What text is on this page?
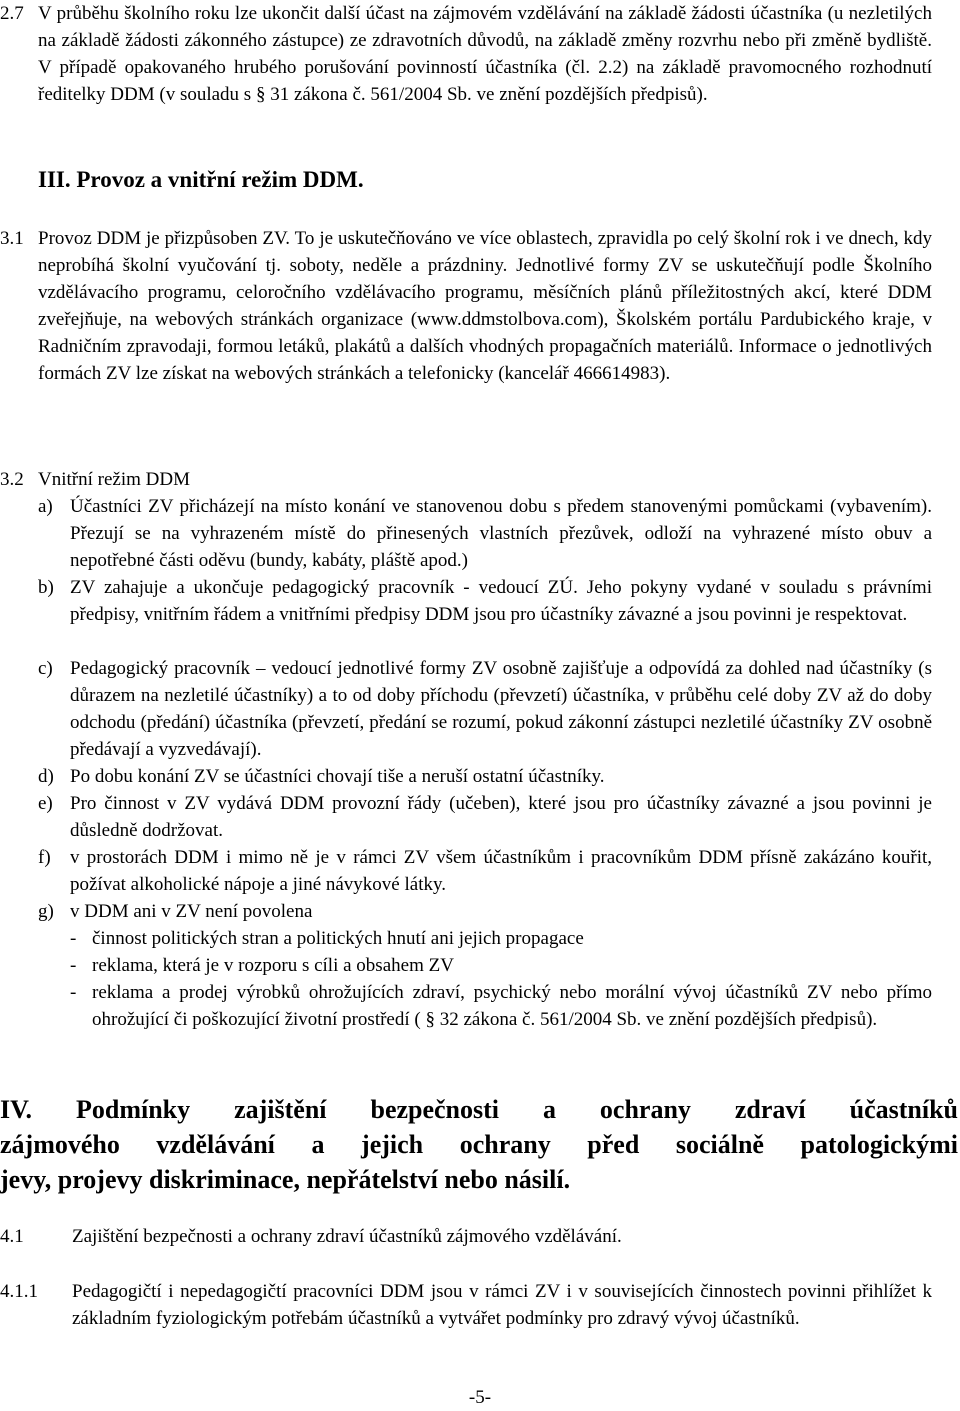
2.7 V průběhu školního roku lze ukončit další účast na zájmovém vzdělávání na základě žádosti účastníka (u nezletilých na základě žádosti zákonného zástupce) ze zdravotních důvodů, na základě změny rozvrhu nebo při změně bydliště. V případě opakovaného hrubého porušování povinností účastníka (čl. 2.2) na základě pravomocného rozhodnutí ředitelky DDM (v souladu s § 31 zákona č. 561/2004 Sb. ve znění pozdějších předpisů).
III. Provoz a vnitřní režim DDM.
3.1 Provoz DDM je přizpůsoben ZV. To je uskutečňováno ve více oblastech, zpravidla po celý školní rok i ve dnech, kdy neprobíhá školní vyučování tj. soboty, neděle a prázdniny. Jednotlivé formy ZV se uskutečňují podle Školního vzdělávacího programu, celoročního vzdělávacího programu, měsíčních plánů příležitostných akcí, které DDM zveřejňuje, na webových stránkách organizace (www.ddmstolbova.com), Školském portálu Pardubického kraje, v Radničním zpravodaji, formou letáků, plakátů a dalších vhodných propagačních materiálů. Informace o jednotlivých formách ZV lze získat na webových stránkách a telefonicky (kancelář 466614983).
3.2 Vnitřní režim DDM
a) Účastníci ZV přicházejí na místo konání ve stanovenou dobu s předem stanovenými pomůckami (vybavením). Přezují se na vyhrazeném místě do přinesených vlastních přezůvek, odloží na vyhrazené místo obuv a nepotřebné části oděvu (bundy, kabáty, pláště apod.)
b) ZV zahajuje a ukončuje pedagogický pracovník - vedoucí ZÚ. Jeho pokyny vydané v souladu s právními předpisy, vnitřním řádem a vnitřními předpisy DDM jsou pro účastníky závazné a jsou povinni je respektovat.
c) Pedagogický pracovník – vedoucí jednotlivé formy ZV osobně zajišťuje a odpovídá za dohled nad účastníky (s důrazem na nezletilé účastníky) a to od doby příchodu (převzetí) účastníka, v průběhu celé doby ZV až do doby odchodu (předání) účastníka (převzetí, předání se rozumí, pokud zákonní zástupci nezletilé účastníky ZV osobně předávají a vyzvedávají).
d) Po dobu konání ZV se účastníci chovají tiše a neruší ostatní účastníky.
e) Pro činnost v ZV vydává DDM provozní řády (učeben), které jsou pro účastníky závazné a jsou povinni je důsledně dodržovat.
f) v prostorách DDM i mimo ně je v rámci ZV všem účastníkům i pracovníkům DDM přísně zakázáno kouřit, požívat alkoholické nápoje a jiné návykové látky.
g) v DDM ani v ZV není povolena
- činnost politických stran a politických hnutí ani jejich propagace
- reklama, která je v rozporu s cíli a obsahem ZV
- reklama a prodej výrobků ohrožujících zdraví, psychický nebo morální vývoj účastníků ZV nebo přímo ohrožující či poškozující životní prostředí ( § 32 zákona č. 561/2004 Sb. ve znění pozdějších předpisů).
IV. Podmínky zajištění bezpečnosti a ochrany zdraví účastníků
zájmového vzdělávání a jejich ochrany před sociálně patologickými
jevy, projevy diskriminace, nepřátelství nebo násilí.
4.1	Zajištění bezpečnosti a ochrany zdraví účastníků zájmového vzdělávání.
4.1.1 Pedagogičtí i nepedagogičtí pracovníci DDM jsou v rámci ZV i v souvisejících činnostech povinni přihlížet k základním fyziologickým potřebám účastníků a vytvářet podmínky pro zdravý vývoj účastníků.
-5-
